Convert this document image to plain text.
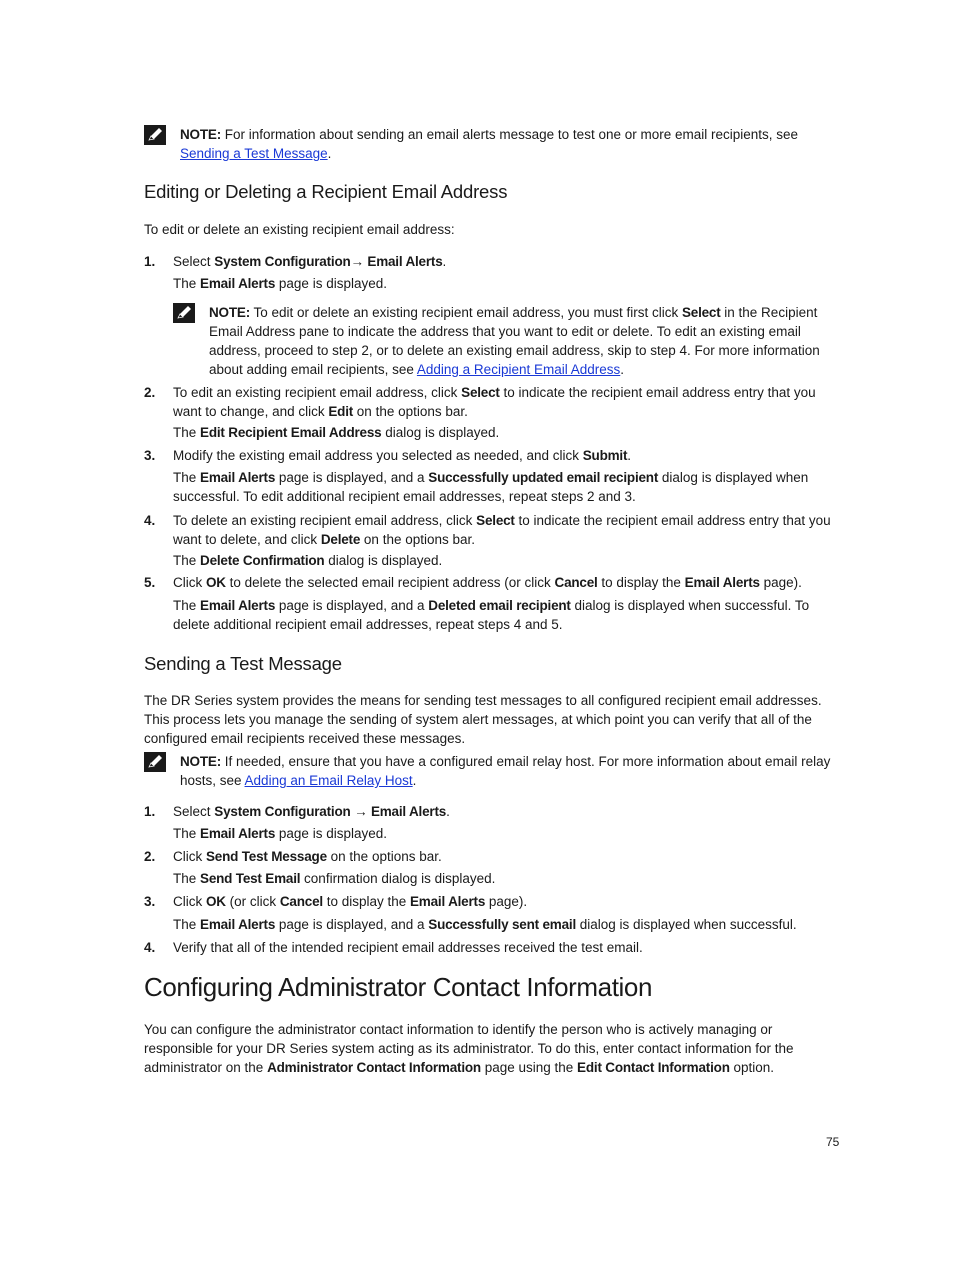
NOTE: For information about sending an email alerts message to test one or more email recipients, see Sending a Test Message.
Editing or Deleting a Recipient Email Address
To edit or delete an existing recipient email address:
1. Select System Configuration→ Email Alerts.
The Email Alerts page is displayed.
NOTE: To edit or delete an existing recipient email address, you must first click Select in the Recipient Email Address pane to indicate the address that you want to edit or delete. To edit an existing email address, proceed to step 2, or to delete an existing email address, skip to step 4. For more information about adding email recipients, see Adding a Recipient Email Address.
2. To edit an existing recipient email address, click Select to indicate the recipient email address entry that you want to change, and click Edit on the options bar.
The Edit Recipient Email Address dialog is displayed.
3. Modify the existing email address you selected as needed, and click Submit.
The Email Alerts page is displayed, and a Successfully updated email recipient dialog is displayed when successful. To edit additional recipient email addresses, repeat steps 2 and 3.
4. To delete an existing recipient email address, click Select to indicate the recipient email address entry that you want to delete, and click Delete on the options bar.
The Delete Confirmation dialog is displayed.
5. Click OK to delete the selected email recipient address (or click Cancel to display the Email Alerts page).
The Email Alerts page is displayed, and a Deleted email recipient dialog is displayed when successful. To delete additional recipient email addresses, repeat steps 4 and 5.
Sending a Test Message
The DR Series system provides the means for sending test messages to all configured recipient email addresses. This process lets you manage the sending of system alert messages, at which point you can verify that all of the configured email recipients received these messages.
NOTE: If needed, ensure that you have a configured email relay host. For more information about email relay hosts, see Adding an Email Relay Host.
1. Select System Configuration → Email Alerts.
The Email Alerts page is displayed.
2. Click Send Test Message on the options bar.
The Send Test Email confirmation dialog is displayed.
3. Click OK (or click Cancel to display the Email Alerts page).
The Email Alerts page is displayed, and a Successfully sent email dialog is displayed when successful.
4. Verify that all of the intended recipient email addresses received the test email.
Configuring Administrator Contact Information
You can configure the administrator contact information to identify the person who is actively managing or responsible for your DR Series system acting as its administrator. To do this, enter contact information for the administrator on the Administrator Contact Information page using the Edit Contact Information option.
75
